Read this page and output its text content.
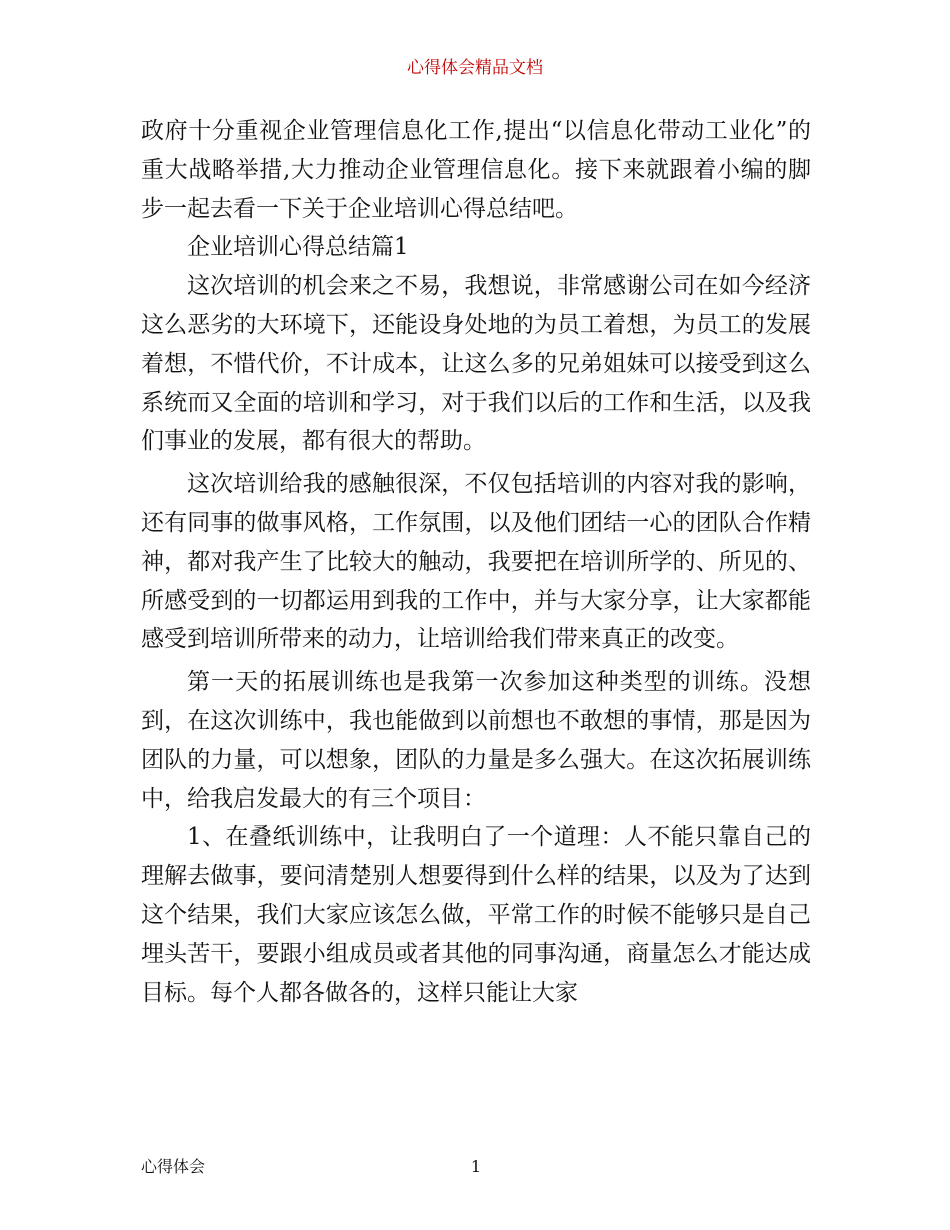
心得体会精品文档

政府十分重视企业管理信息化工作,提出“以信息化带动工业化”的重大战略举措,大力推动企业管理信息化。接下来就跟着小编的脚步一起去看一下关于企业培训心得总结吧。

企业培训心得总结篇1

这次培训的机会来之不易，我想说，非常感谢公司在如今经济这么恶劣的大环境下，还能设身处地的为员工着想，为员工的发展着想，不惜代价，不计成本，让这么多的兄弟姐妹可以接受到这么系统而又全面的培训和学习，对于我们以后的工作和生活，以及我们事业的发展，都有很大的帮助。

这次培训给我的感触很深，不仅包括培训的内容对我的影响，还有同事的做事风格，工作氛围，以及他们团结一心的团队合作精神，都对我产生了比较大的触动，我要把在培训所学的、所见的、所感受到的一切都运用到我的工作中，并与大家分享，让大家都能感受到培训所带来的动力，让培训给我们带来真正的改变。

第一天的拓展训练也是我第一次参加这种类型的训练。没想到，在这次训练中，我也能做到以前想也不敢想的事情，那是因为团队的力量，可以想象，团队的力量是多么强大。在这次拓展训练中，给我启发最大的有三个项目：

1、在叠纸训练中，让我明白了一个道理：人不能只靠自己的理解去做事，要问清楚别人想要得到什么样的结果，以及为了达到这个结果，我们大家应该怎么做，平常工作的时候不能够只是自己埋头苦干，要跟小组成员或者其他的同事沟通，商量怎么才能达成目标。每个人都各做各的，这样只能让大家

心得体会	1
